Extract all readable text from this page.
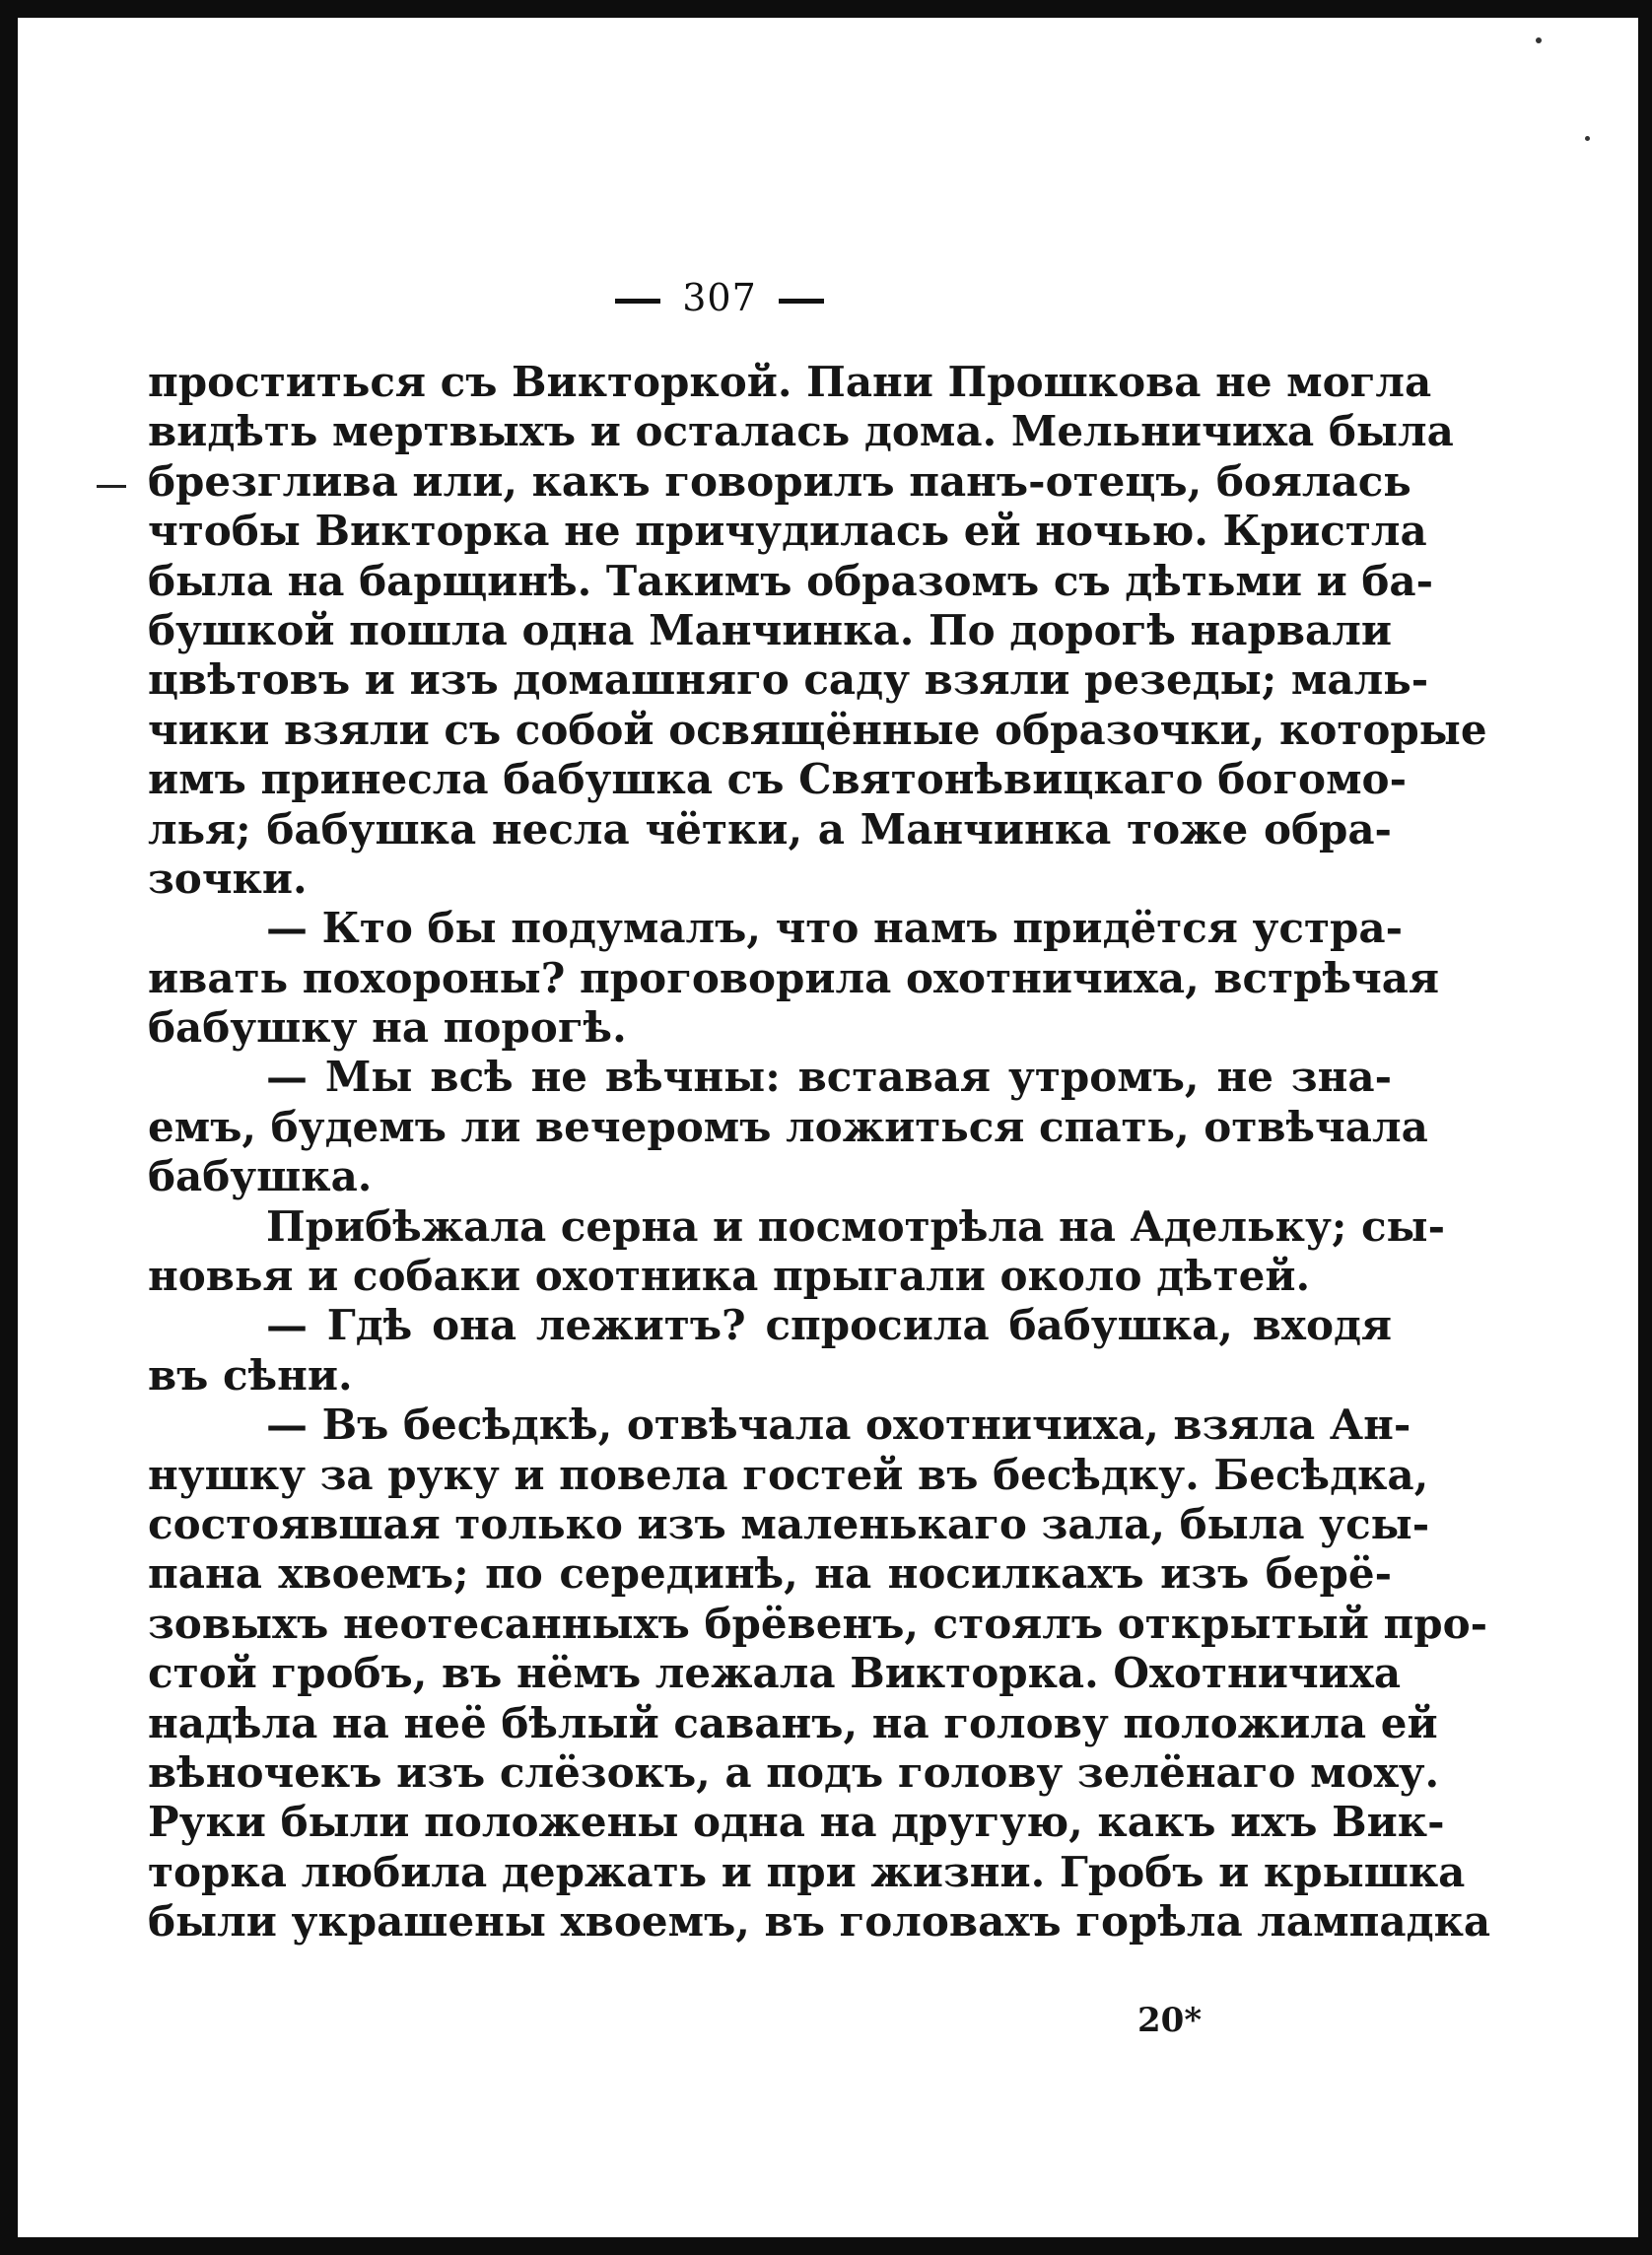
307
проститься съ Викторкой. Пани Прошкова не могла
видѣть мертвыхъ и осталась дома. Мельничиха была
брезглива или, какъ говорилъ панъ-отецъ, боялась
чтобы Викторка не причудилась ей ночью. Кристла
была на барщинѣ. Такимъ образомъ съ дѣтьми и ба-
бушкой пошла одна Манчинка. По дорогѣ нарвали
цвѣтовъ и изъ домашняго саду взяли резеды; маль-
чики взяли съ собой освящённые образочки, которые
имъ принесла бабушка съ Святонѣвицкаго богомо-
лья; бабушка несла чётки, а Манчинка тоже обра-
зочки.
— Кто бы подумалъ, что намъ придётся устра-
ивать похороны? проговорила охотничиха, встрѣчая
бабушку на порогѣ.
— Мы всѣ не вѣчны: вставая утромъ, не зна-
емъ, будемъ ли вечеромъ ложиться спать, отвѣчала
бабушка.
Прибѣжала серна и посмотрѣла на Адельку; сы-
новья и собаки охотника прыгали около дѣтей.
— Гдѣ она лежитъ? спросила бабушка, входя
въ сѣни.
— Въ бесѣдкѣ, отвѣчала охотничиха, взяла Ан-
нушку за руку и повела гостей въ бесѣдку. Бесѣдка,
состоявшая только изъ маленькаго зала, была усы-
пана хвоемъ; по серединѣ, на носилкахъ изъ берё-
зовыхъ неотесанныхъ брёвенъ, стоялъ открытый про-
стой гробъ, въ нёмъ лежала Викторка. Охотничиха
надѣла на неё бѣлый саванъ, на голову положила ей
вѣночекъ изъ слёзокъ, а подъ голову зелёнаго моху.
Руки были положены одна на другую, какъ ихъ Вик-
торка любила держать и при жизни. Гробъ и крышка
были украшены хвоемъ, въ головахъ горѣла лампадка
20*
